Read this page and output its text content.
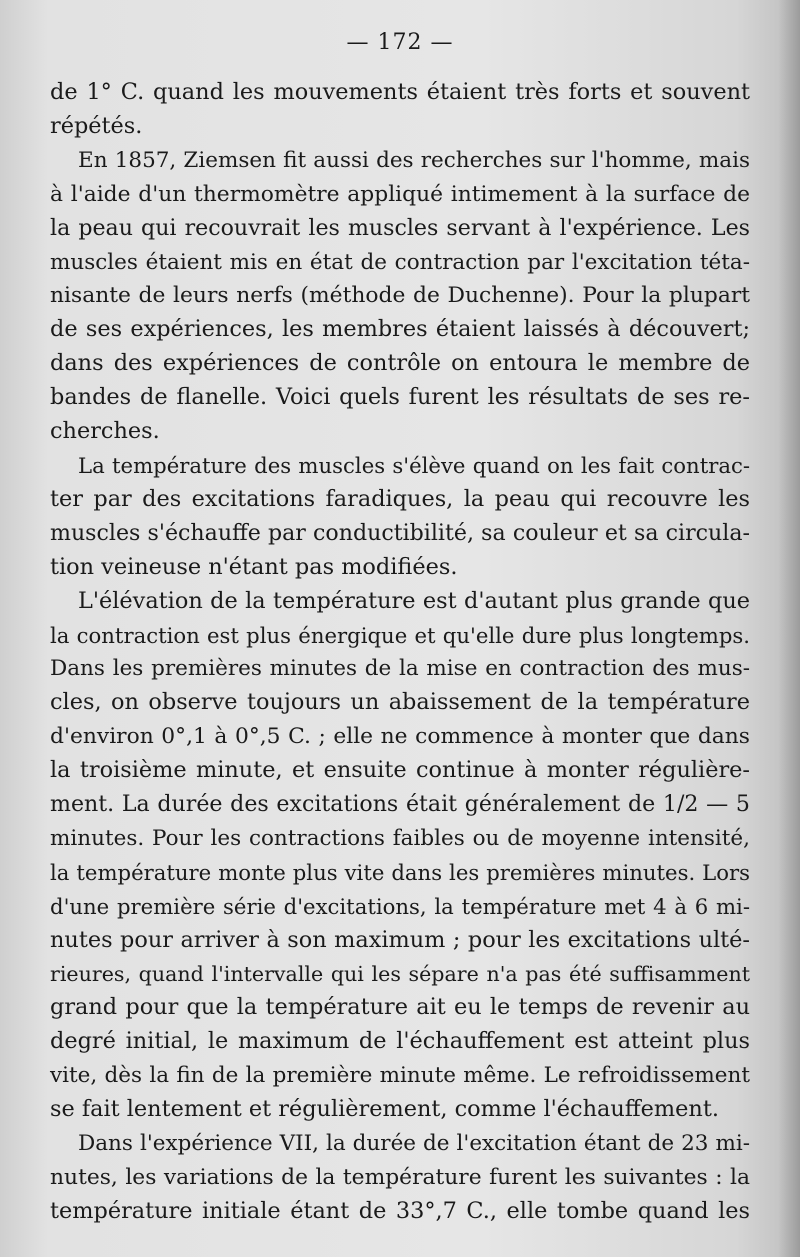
— 172 —

de 1° C. quand les mouvements étaient très forts et souvent
répétés.

En 1857, Ziemsen fit aussi des recherches sur l'homme, mais
à l'aide d'un thermomètre appliqué intimement à la surface de
la peau qui recouvrait les muscles servant à l'expérience. Les
muscles étaient mis en état de contraction par l'excitation téta-
nisante de leurs nerfs (méthode de Duchenne). Pour la plupart
de ses expériences, les membres étaient laissés à découvert;
dans des expériences de contrôle on entoura le membre de
bandes de flanelle. Voici quels furent les résultats de ses re-
cherches.

La température des muscles s'élève quand on les fait contrac-
ter par des excitations faradiques, la peau qui recouvre les
muscles s'échauffe par conductibilité, sa couleur et sa circula-
tion veineuse n'étant pas modifiées.

L'élévation de la température est d'autant plus grande que
la contraction est plus énergique et qu'elle dure plus longtemps.
Dans les premières minutes de la mise en contraction des mus-
cles, on observe toujours un abaissement de la température
d'environ 0°,1 à 0°,5 C. ; elle ne commence à monter que dans
la troisième minute, et ensuite continue à monter régulière-
ment. La durée des excitations était généralement de 1/2 — 5
minutes. Pour les contractions faibles ou de moyenne intensité,
la température monte plus vite dans les premières minutes. Lors
d'une première série d'excitations, la température met 4 à 6 mi-
nutes pour arriver à son maximum ; pour les excitations ulté-
rieures, quand l'intervalle qui les sépare n'a pas été suffisamment
grand pour que la température ait eu le temps de revenir au
degré initial, le maximum de l'échauffement est atteint plus
vite, dès la fin de la première minute même. Le refroidissement
se fait lentement et régulièrement, comme l'échauffement.

Dans l'expérience VII, la durée de l'excitation étant de 23 mi-
nutes, les variations de la température furent les suivantes : la
température initiale étant de 33°,7 C., elle tombe quand les
